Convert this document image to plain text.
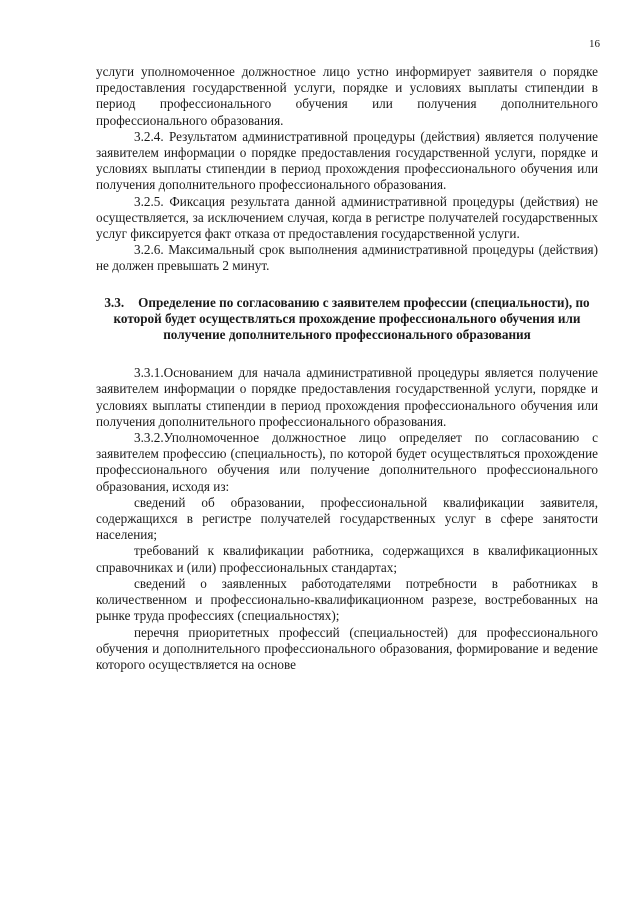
16

услуги уполномоченное должностное лицо устно информирует заявителя о порядке предоставления государственной услуги, порядке и условиях выплаты стипендии в период профессионального обучения или получения дополнительного профессионального образования.

3.2.4. Результатом административной процедуры (действия) является получение заявителем информации о порядке предоставления государственной услуги, порядке и условиях выплаты стипендии в период прохождения профессионального обучения или получения дополнительного профессионального образования.

3.2.5. Фиксация результата данной административной процедуры (действия) не осуществляется, за исключением случая, когда в регистре получателей государственных услуг фиксируется факт отказа от предоставления государственной услуги.

3.2.6. Максимальный срок выполнения административной процедуры (действия) не должен превышать 2 минут.

3.3. Определение по согласованию с заявителем профессии (специальности), по которой будет осуществляться прохождение профессионального обучения или получение дополнительного профессионального образования

3.3.1.Основанием для начала административной процедуры является получение заявителем информации о порядке предоставления государственной услуги, порядке и условиях выплаты стипендии в период прохождения профессионального обучения или получения дополнительного профессионального образования.

3.3.2.Уполномоченное должностное лицо определяет по согласованию с заявителем профессию (специальность), по которой будет осуществляться прохождение профессионального обучения или получение дополнительного профессионального образования, исходя из:

сведений об образовании, профессиональной квалификации заявителя, содержащихся в регистре получателей государственных услуг в сфере занятости населения;

требований к квалификации работника, содержащихся в квалификационных справочниках и (или) профессиональных стандартах;

сведений о заявленных работодателями потребности в работниках в количественном и профессионально-квалификационном разрезе, востребованных на рынке труда профессиях (специальностях);

перечня приоритетных профессий (специальностей) для профессионального обучения и дополнительного профессионального образования, формирование и ведение которого осуществляется на основе
